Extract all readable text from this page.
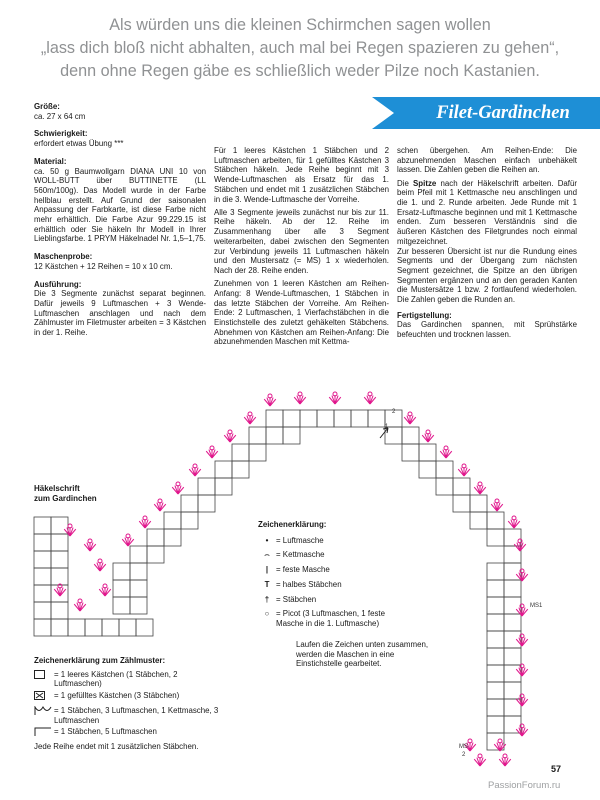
Als würden uns die kleinen Schirmchen sagen wollen
„lass dich bloß nicht abhalten, auch mal bei Regen spazieren zu gehen“,
denn ohne Regen gäbe es schließlich weder Pilze noch Kastanien.
Filet-Gardinchen

Größe:
ca. 27 x 64 cm

Schwierigkeit:
erfordert etwas Übung ***

Material:
ca. 50 g Baumwollgarn DIANA UNI 10 von WOLL-BUTT über BUTTINETTE (LL 560m/100g). Das Modell wurde in der Farbe hellblau erstellt. Auf Grund der saisonalen Anpassung der Farbkarte, ist diese Farbe nicht mehr erhältlich. Die Farbe Azur 99.229.15 ist erhältlich oder Sie häkeln Ihr Modell in Ihrer Lieblingsfarbe. 1 PRYM Häkelnadel Nr. 1,5–1,75.

Maschenprobe:
12 Kästchen + 12 Reihen = 10 x 10 cm.

Ausführung:
Die 3 Segmente zunächst separat beginnen. Dafür jeweils 9 Luftmaschen + 3 Wende-Luftmaschen anschlagen und nach dem Zählmuster im Filetmuster arbeiten = 3 Kästchen in der 1. Reihe.

Für 1 leeres Kästchen 1 Stäbchen und 2 Luftmaschen arbeiten, für 1 gefülltes Kästchen 3 Stäbchen häkeln. Jede Reihe beginnt mit 3 Wende-Luftmaschen als Ersatz für das 1. Stäbchen und endet mit 1 zusätzlichen Stäbchen in die 3. Wende-Luftmasche der Vorreihe.

Alle 3 Segmente jeweils zunächst nur bis zur 11. Reihe häkeln. Ab der 12. Reihe im Zusammenhang über alle 3 Segment weiterarbeiten, dabei zwischen den Segmenten zur Verbindung jeweils 11 Luftmaschen häkeln und den Mustersatz (= MS) 1 x wiederholen. Nach der 28. Reihe enden.

Zunehmen von 1 leeren Kästchen am Reihen-Anfang: 8 Wende-Luftmaschen, 1 Stäbchen in das letzte Stäbchen der Vorreihe. Am Reihen-Ende: 2 Luftmaschen, 1 Vierfachstäbchen in die Einstichstelle des zuletzt gehäkelten Stäbchens. Abnehmen von Kästchen am Reihen-Anfang: Die abzunehmenden Maschen mit Kettma-

schen übergehen. Am Reihen-Ende: Die abzunehmenden Maschen einfach unbehäkelt lassen. Die Zahlen geben die Reihen an.

Die Spitze nach der Häkelschrift arbeiten. Dafür beim Pfeil mit 1 Kettmasche neu anschlingen und die 1. und 2. Runde arbeiten. Jede Runde mit 1 Ersatz-Luftmasche beginnen und mit 1 Kettmasche enden. Zum besseren Verständnis sind die äußeren Kästchen des Filetgrundes noch einmal mitgezeichnet.

Zur besseren Übersicht ist nur die Rundung eines Segments und der Übergang zum nächsten Segment gezeichnet, die Spitze an den übrigen Segmenten ergänzen und an den geraden Kanten die Mustersätze 1 bzw. 2 fortlaufend wiederholen. Die Zahlen geben die Runden an.

Fertigstellung:
Das Gardinchen spannen, mit Sprühstärke befeuchten und trocknen lassen.

Häkelschrift
zum Gardinchen
MS1
MS
2
2
1
Zeichenerklärung:
• = Luftmasche
⌢ = Kettmasche
| = feste Masche
T = halbes Stäbchen
† = Stäbchen
○ = Picot (3 Luftmaschen, 1 feste Masche in die 1. Luftmasche)
Laufen die Zeichen unten zusammen, werden die Maschen in eine Einstichstelle gearbeitet.
Zeichenerklärung zum Zählmuster:
= 1 leeres Kästchen (1 Stäbchen, 2 Luftmaschen)
= 1 gefülltes Kästchen (3 Stäbchen)
= 1 Stäbchen, 3 Luftmaschen, 1 Kettmasche, 3 Luftmaschen
= 1 Stäbchen, 5 Luftmaschen
Jede Reihe endet mit 1 zusätzlichen Stäbchen.
57
PassionForum.ru
